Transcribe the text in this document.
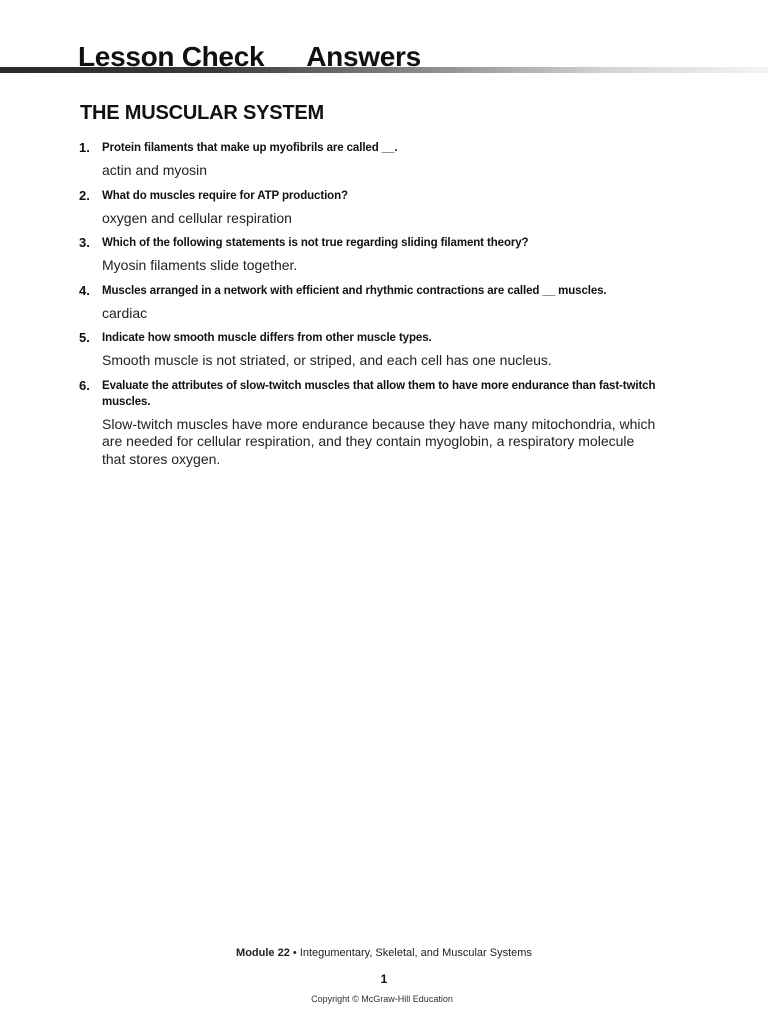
Lesson Check Answers
THE MUSCULAR SYSTEM
1. Protein filaments that make up myofibrils are called __.
actin and myosin
2. What do muscles require for ATP production?
oxygen and cellular respiration
3. Which of the following statements is not true regarding sliding filament theory?
Myosin filaments slide together.
4. Muscles arranged in a network with efficient and rhythmic contractions are called __ muscles.
cardiac
5. Indicate how smooth muscle differs from other muscle types.
Smooth muscle is not striated, or striped, and each cell has one nucleus.
6. Evaluate the attributes of slow-twitch muscles that allow them to have more endurance than fast-twitch muscles.
Slow-twitch muscles have more endurance because they have many mitochondria, which are needed for cellular respiration, and they contain myoglobin, a respiratory molecule that stores oxygen.
Module 22 • Integumentary, Skeletal, and Muscular Systems
1
Copyright © McGraw-Hill Education
